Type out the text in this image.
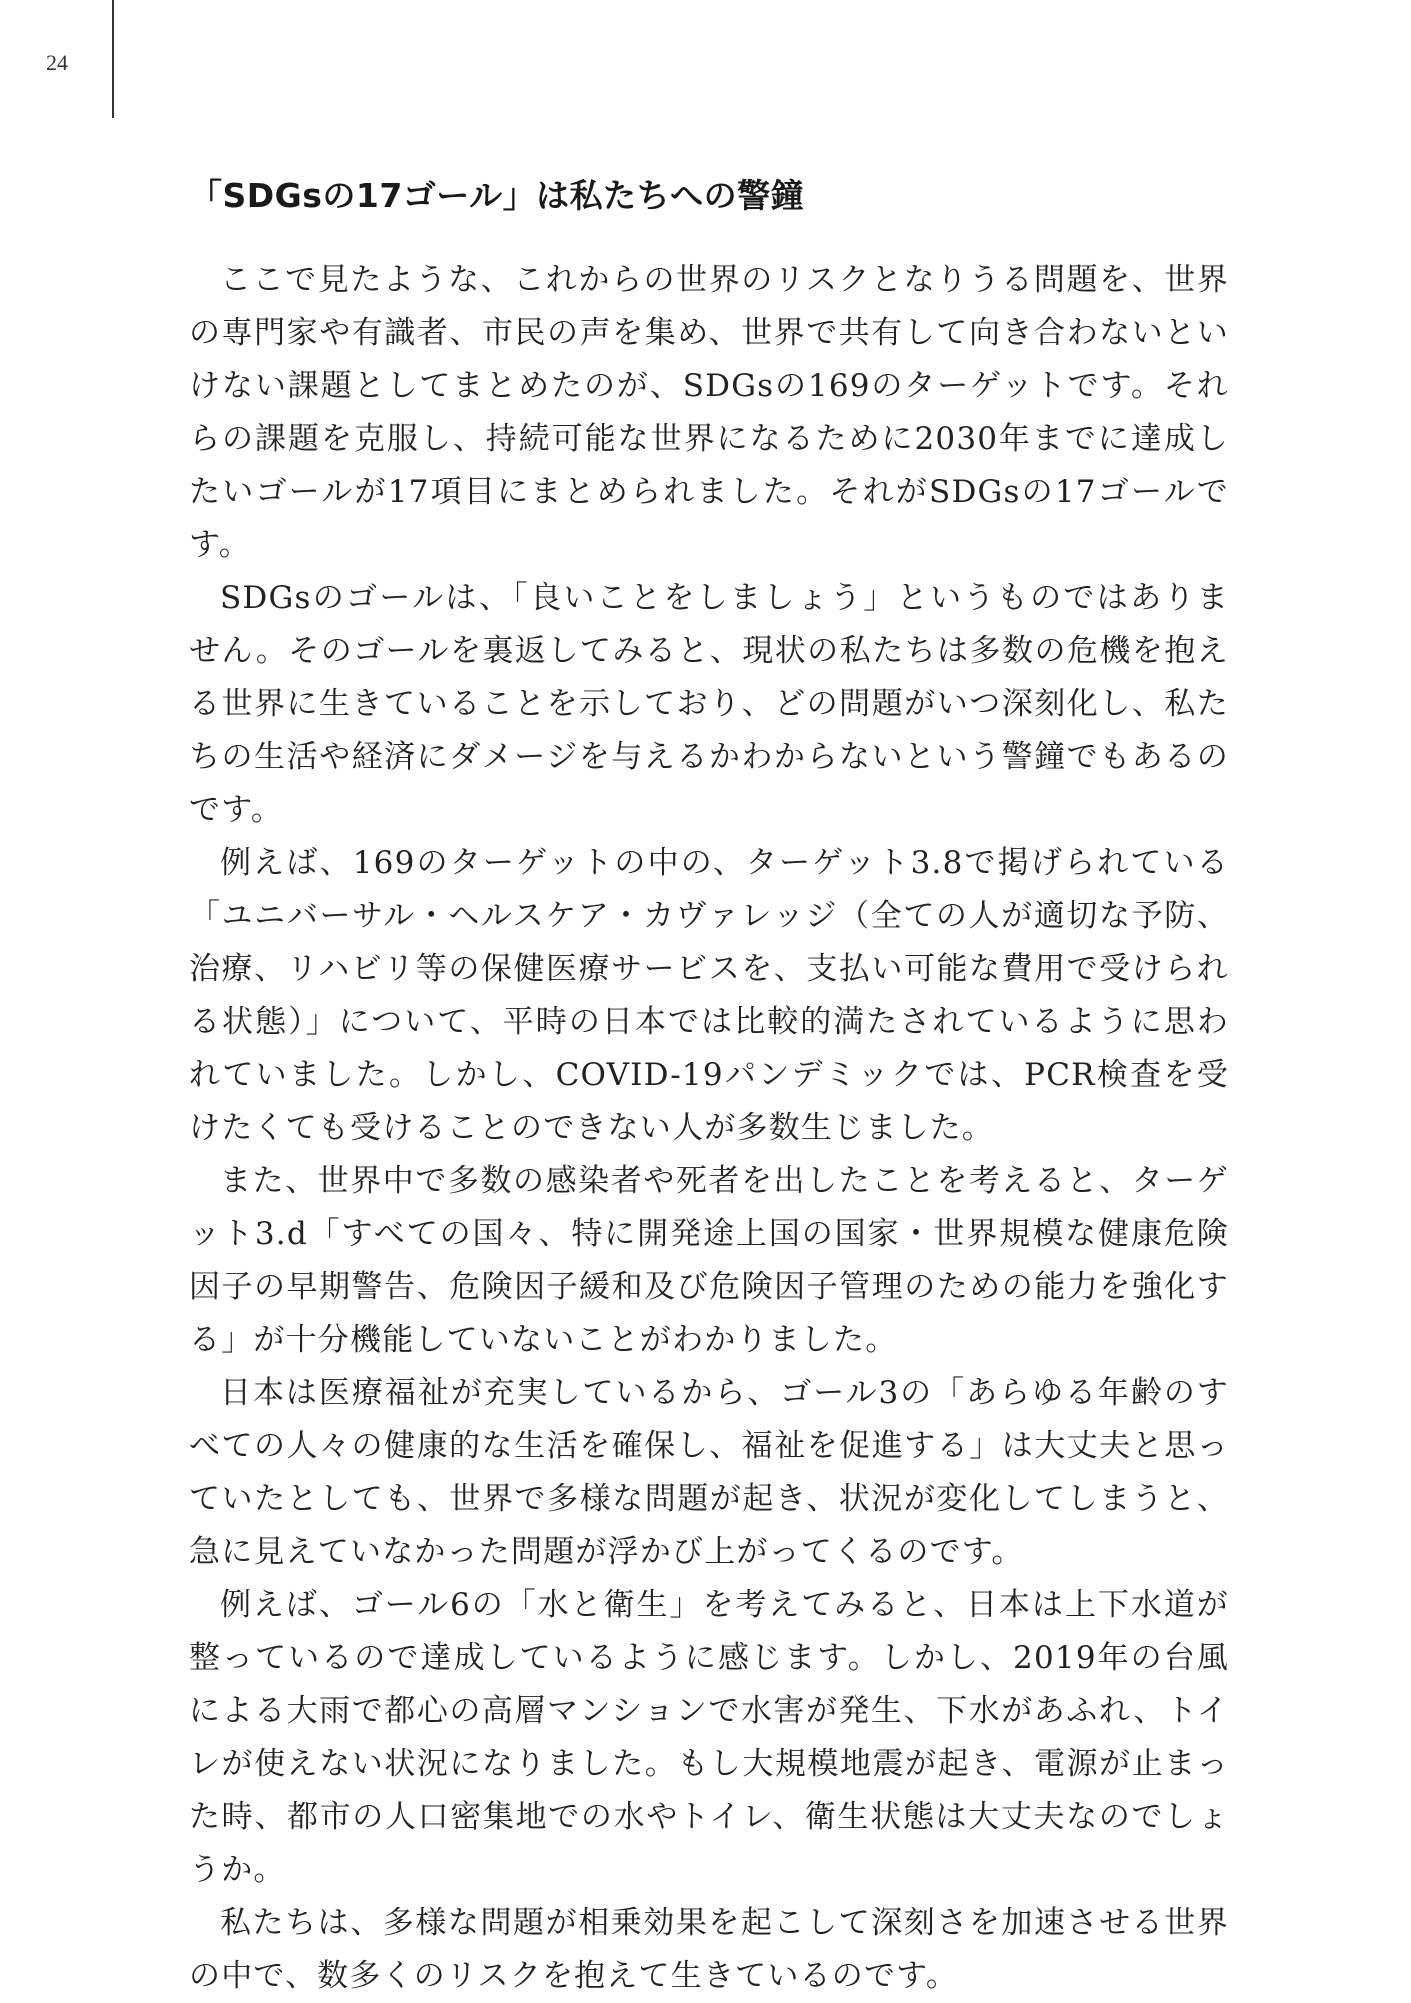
24
「SDGsの17ゴール」は私たちへの警鐘

ここで見たような、これからの世界のリスクとなりうる問題を、世界の専門家や有識者、市民の声を集め、世界で共有して向き合わないといけない課題としてまとめたのが、SDGsの169のターゲットです。それらの課題を克服し、持続可能な世界になるために2030年までに達成したいゴールが17項目にまとめられました。それがSDGsの17ゴールです。

SDGsのゴールは、「良いことをしましょう」というものではありません。そのゴールを裏返してみると、現状の私たちは多数の危機を抱える世界に生きていることを示しており、どの問題がいつ深刻化し、私たちの生活や経済にダメージを与えるかわからないという警鐘でもあるのです。

例えば、169のターゲットの中の、ターゲット3.8で掲げられている「ユニバーサル・ヘルスケア・カヴァレッジ（全ての人が適切な予防、治療、リハビリ等の保健医療サービスを、支払い可能な費用で受けられる状態）」について、平時の日本では比較的満たされているように思われていました。しかし、COVID-19パンデミックでは、PCR検査を受けたくても受けることのできない人が多数生じました。

また、世界中で多数の感染者や死者を出したことを考えると、ターゲット3.d「すべての国々、特に開発途上国の国家・世界規模な健康危険因子の早期警告、危険因子緩和及び危険因子管理のための能力を強化する」が十分機能していないことがわかりました。

日本は医療福祉が充実しているから、ゴール3の「あらゆる年齢のすべての人々の健康的な生活を確保し、福祉を促進する」は大丈夫と思っていたとしても、世界で多様な問題が起き、状況が変化してしまうと、急に見えていなかった問題が浮かび上がってくるのです。

例えば、ゴール6の「水と衛生」を考えてみると、日本は上下水道が整っているので達成しているように感じます。しかし、2019年の台風による大雨で都心の高層マンションで水害が発生、下水があふれ、トイレが使えない状況になりました。もし大規模地震が起き、電源が止まった時、都市の人口密集地での水やトイレ、衛生状態は大丈夫なのでしょうか。

私たちは、多様な問題が相乗効果を起こして深刻さを加速させる世界の中で、数多くのリスクを抱えて生きているのです。
